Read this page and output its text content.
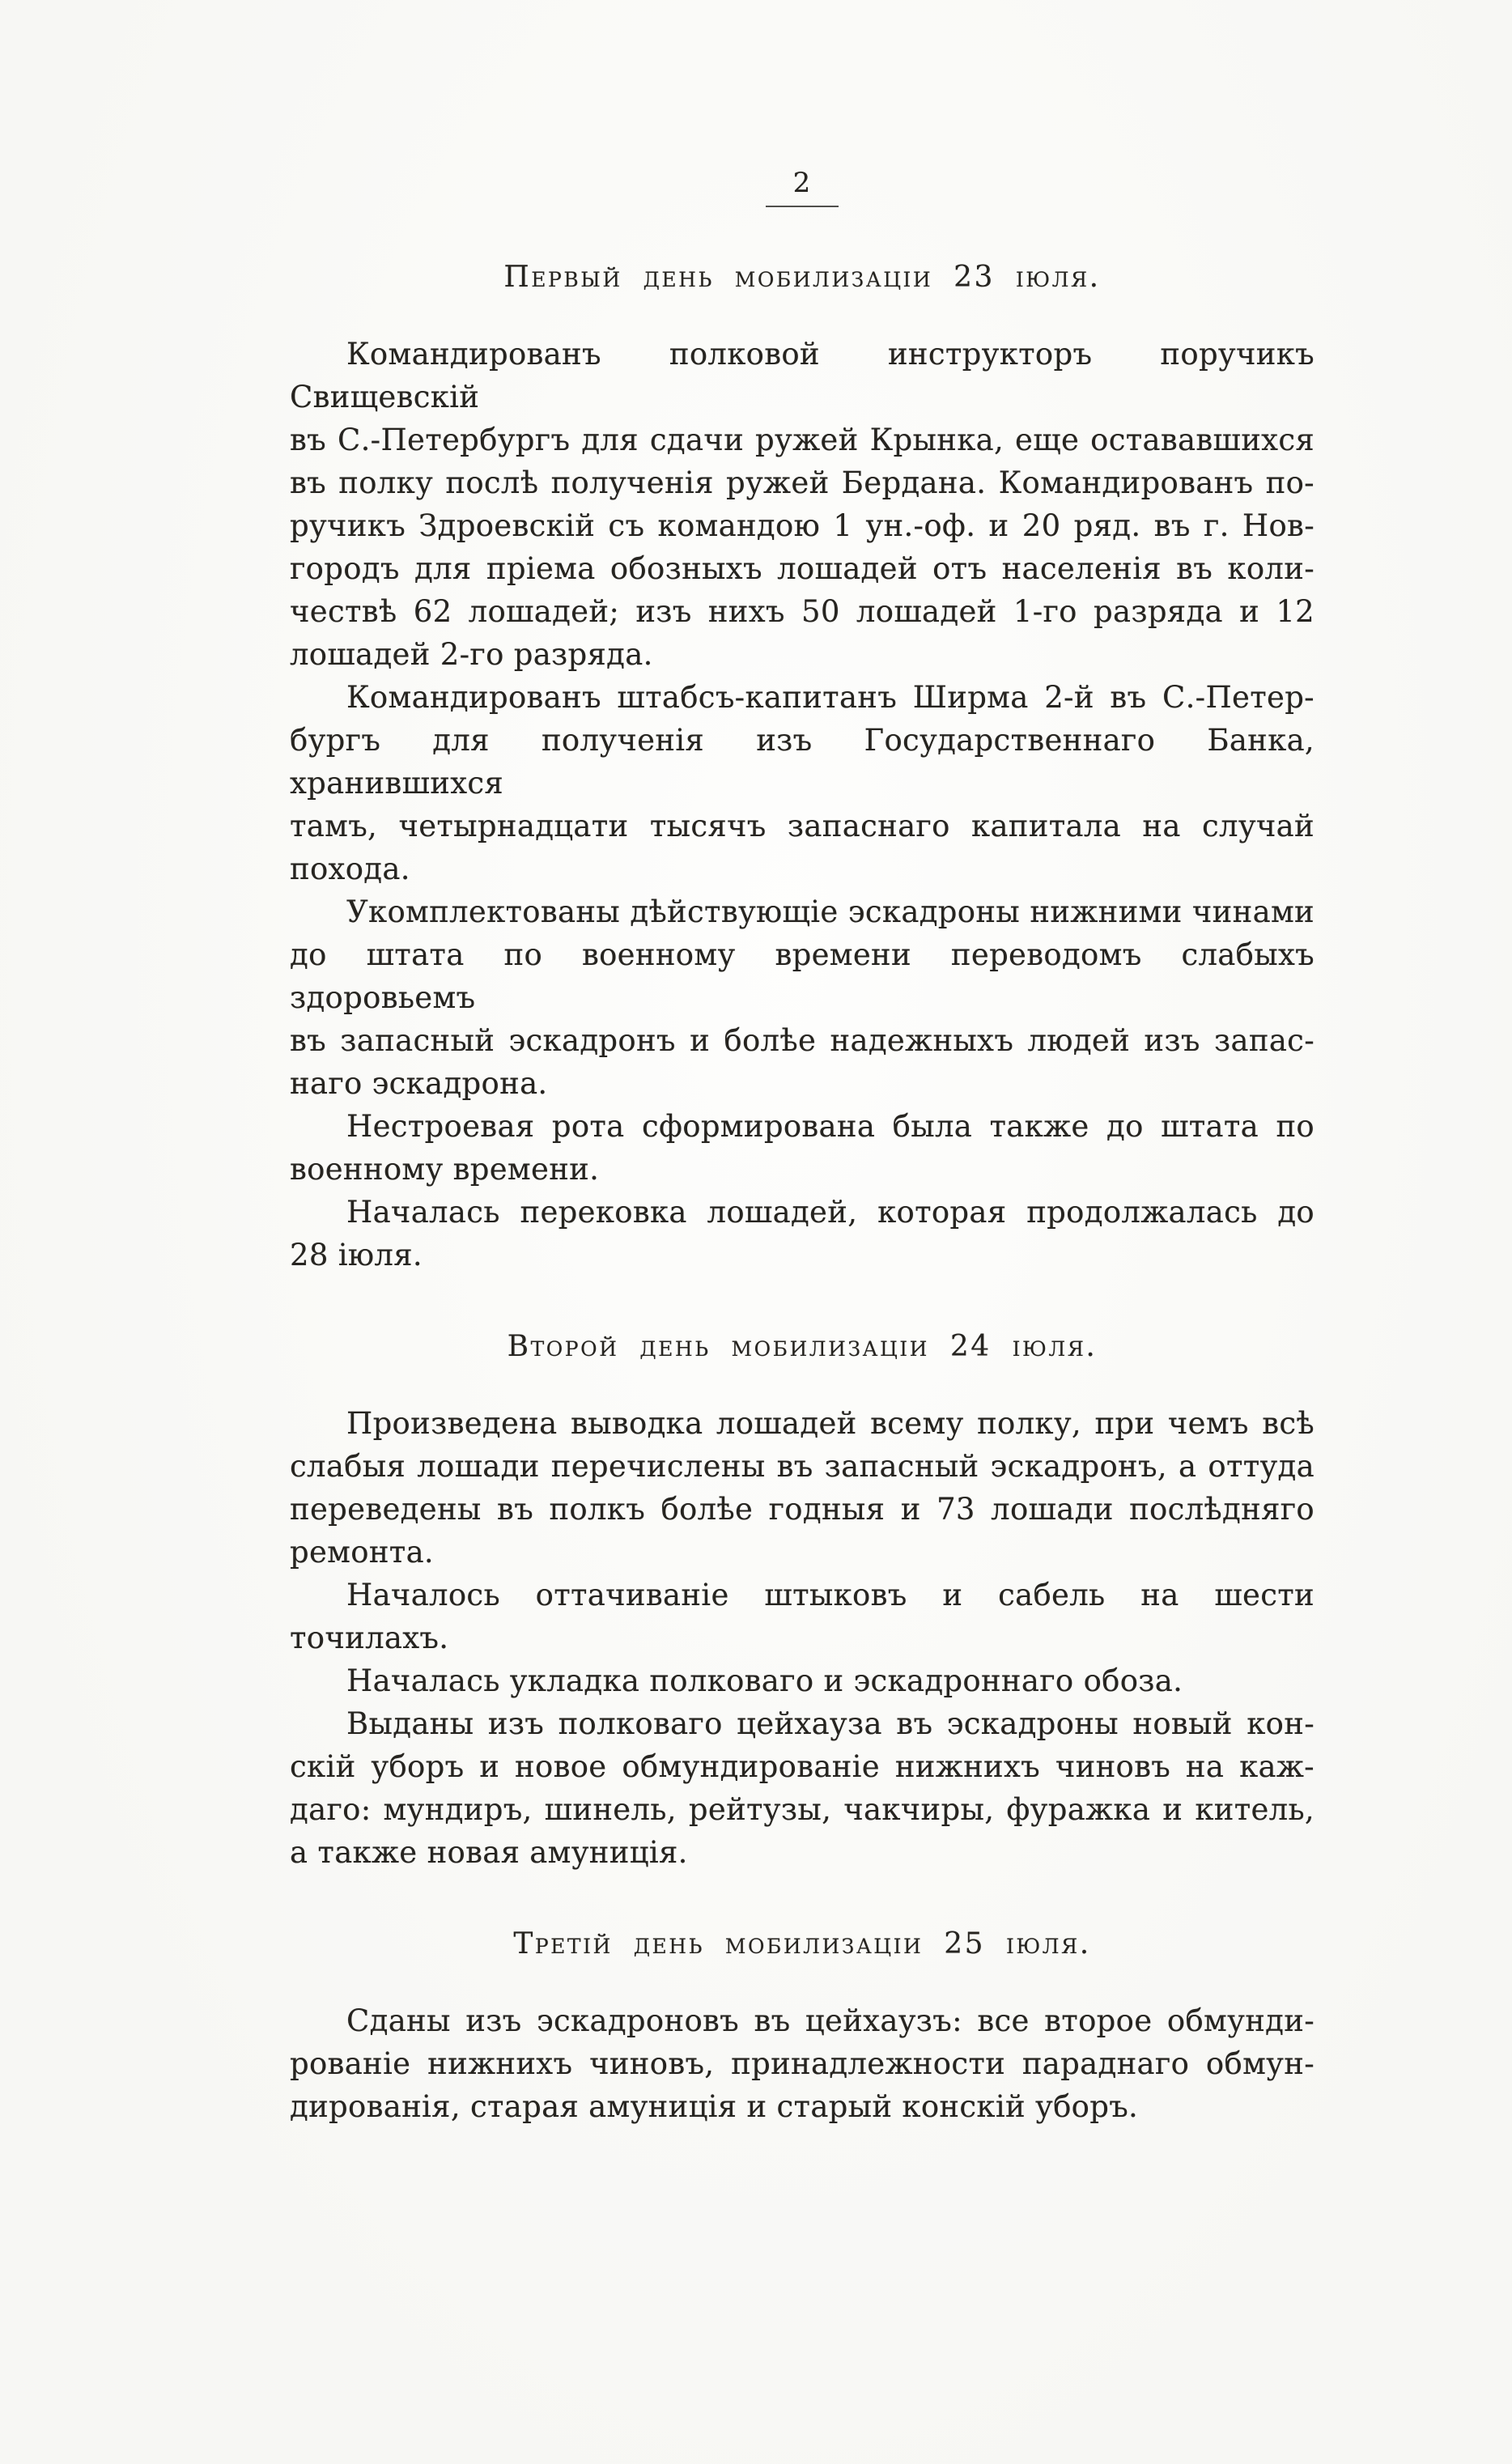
2
Первый день мобилизаціи 23 іюля.
Командированъ полковой инструкторъ поручикъ Свищевскій
въ С.-Петербургъ для сдачи ружей Крынка, еще остававшихся
въ полку послѣ полученія ружей Бердана. Командированъ по-
ручикъ Здроевскій съ командою 1 ун.-оф. и 20 ряд. въ г. Нов-
городъ для пріема обозныхъ лошадей отъ населенія въ коли-
чествѣ 62 лошадей; изъ нихъ 50 лошадей 1-го разряда и 12
лошадей 2-го разряда.
Командированъ штабсъ-капитанъ Ширма 2-й въ С.-Петер-
бургъ для полученія изъ Государственнаго Банка, хранившихся
тамъ, четырнадцати тысячъ запаснаго капитала на случай
похода.
Укомплектованы дѣйствующіе эскадроны нижними чинами
до штата по военному времени переводомъ слабыхъ здоровьемъ
въ запасный эскадронъ и болѣе надежныхъ людей изъ запас-
наго эскадрона.
Нестроевая рота сформирована была также до штата по
военному времени.
Началась перековка лошадей, которая продолжалась до
28 іюля.
Второй день мобилизаціи 24 іюля.
Произведена выводка лошадей всему полку, при чемъ всѣ
слабыя лошади перечислены въ запасный эскадронъ, а оттуда
переведены въ полкъ болѣе годныя и 73 лошади послѣдняго
ремонта.
Началось оттачиваніе штыковъ и сабель на шести точилахъ.
Началась укладка полковаго и эскадроннаго обоза.
Выданы изъ полковаго цейхауза въ эскадроны новый кон-
скій уборъ и новое обмундированіе нижнихъ чиновъ на каж-
даго: мундиръ, шинель, рейтузы, чакчиры, фуражка и китель,
а также новая амуниція.
Третій день мобилизаціи 25 іюля.
Сданы изъ эскадроновъ въ цейхаузъ: все второе обмунди-
рованіе нижнихъ чиновъ, принадлежности параднаго обмун-
дированія, старая амуниція и старый конскій уборъ.
